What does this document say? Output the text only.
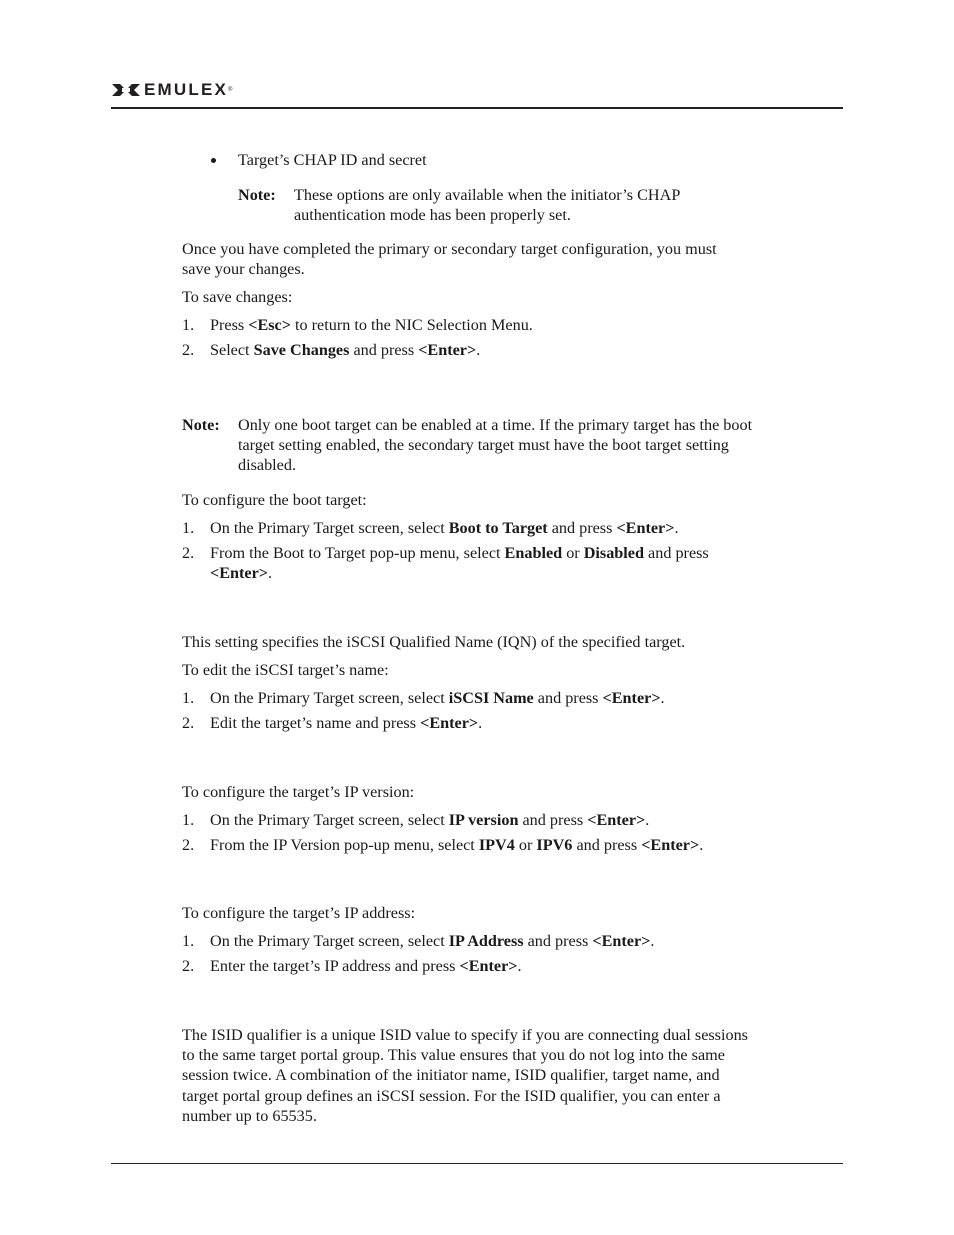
EMULEX ®
Target’s CHAP ID and secret
Note: These options are only available when the initiator’s CHAP
authentication mode has been properly set.
Once you have completed the primary or secondary target configuration, you must
save your changes.
To save changes:
1. Press <Esc> to return to the NIC Selection Menu.
2. Select Save Changes and press <Enter>.
Note: Only one boot target can be enabled at a time. If the primary target has the boot
target setting enabled, the secondary target must have the boot target setting
disabled.
To configure the boot target:
1. On the Primary Target screen, select Boot to Target and press <Enter>.
2. From the Boot to Target pop-up menu, select Enabled or Disabled and press
<Enter>.
This setting specifies the iSCSI Qualified Name (IQN) of the specified target.
To edit the iSCSI target’s name:
1. On the Primary Target screen, select iSCSI Name and press <Enter>.
2. Edit the target’s name and press <Enter>.
To configure the target’s IP version:
1. On the Primary Target screen, select IP version and press <Enter>.
2. From the IP Version pop-up menu, select IPV4 or IPV6 and press <Enter>.
To configure the target’s IP address:
1. On the Primary Target screen, select IP Address and press <Enter>.
2. Enter the target’s IP address and press <Enter>.
The ISID qualifier is a unique ISID value to specify if you are connecting dual sessions
to the same target portal group. This value ensures that you do not log into the same
session twice. A combination of the initiator name, ISID qualifier, target name, and
target portal group defines an iSCSI session. For the ISID qualifier, you can enter a
number up to 65535.
